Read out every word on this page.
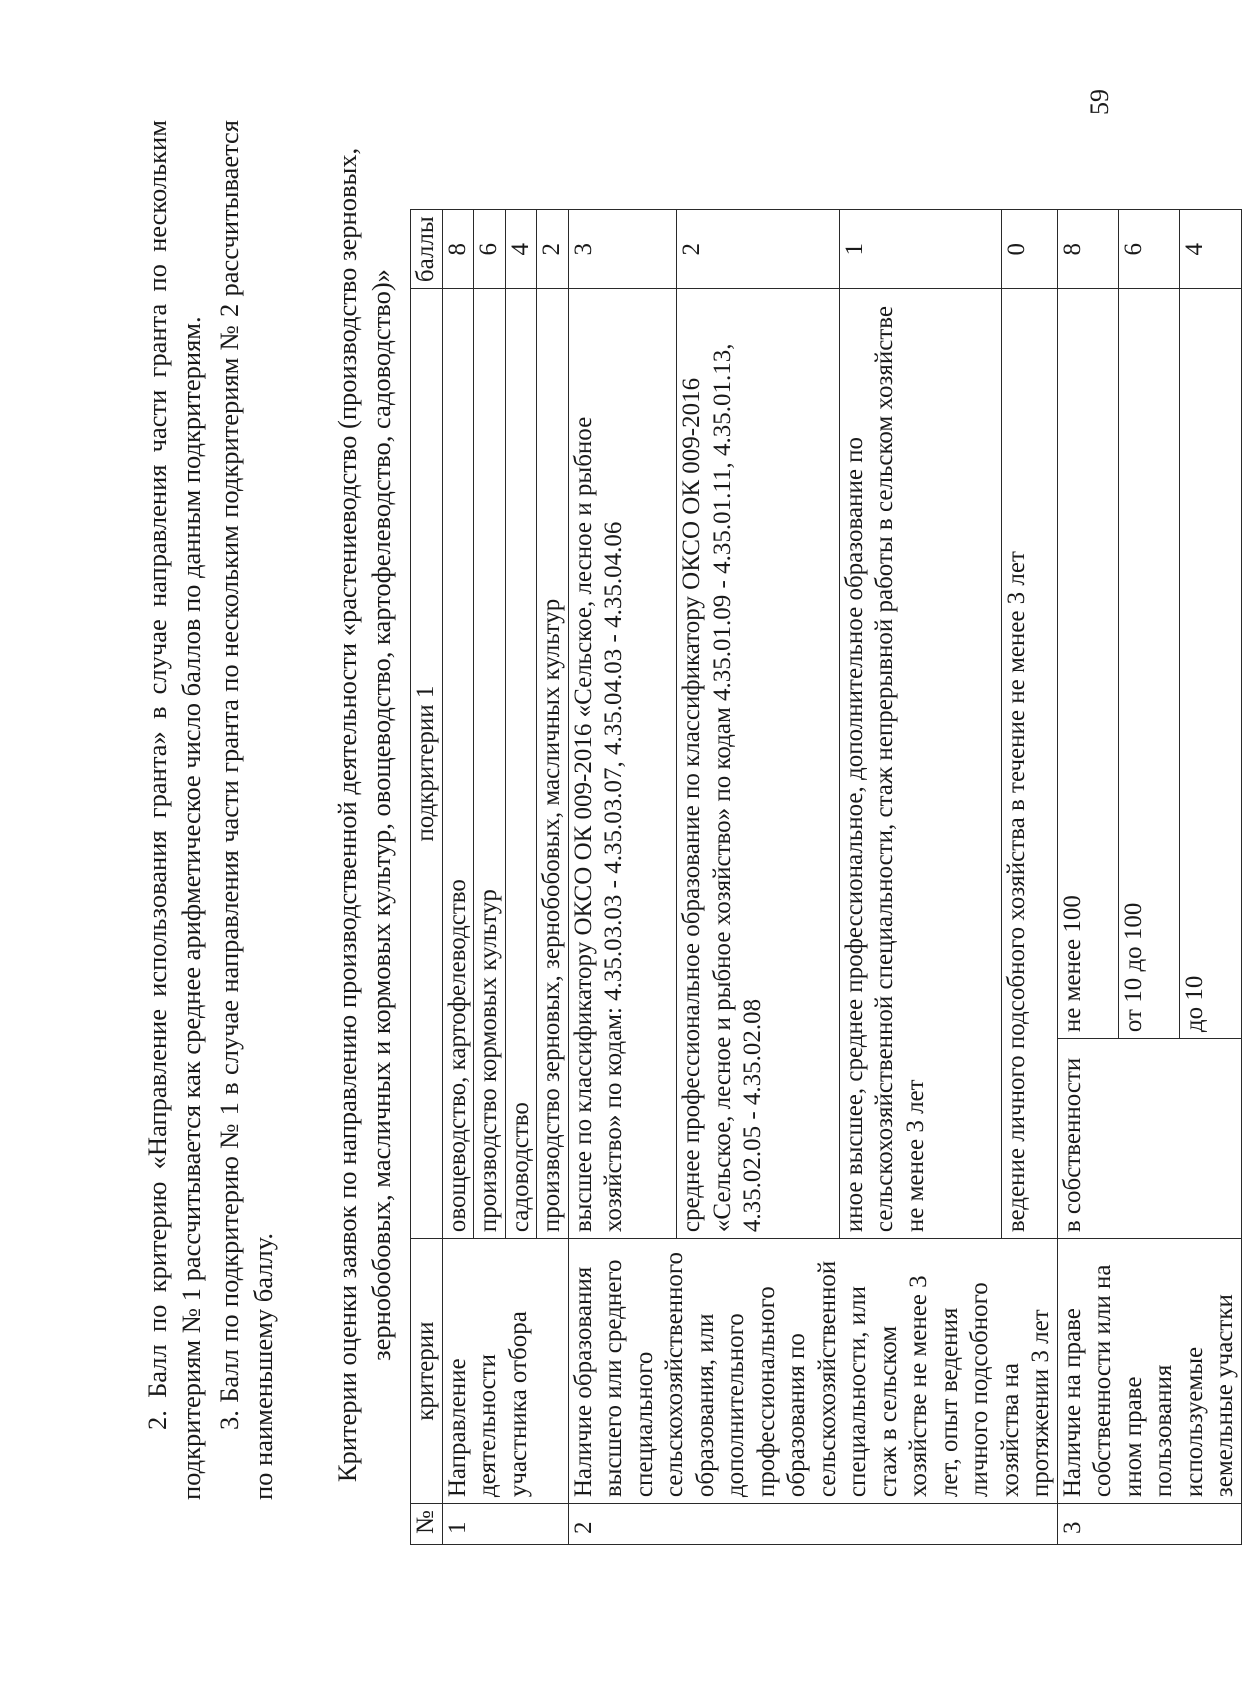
2. Балл по критерию «Направление использования гранта» в случае направления части гранта по нескольким подкритериям № 1 рассчитывается как среднее арифметическое число баллов по данным подкритериям. 3. Балл по подкритерию № 1 в случае направления части гранта по нескольким подкритериям № 2 рассчитывается по наименьшему баллу. Критерии оценки заявок по направлению производственной деятельности «растениеводство (производство зерновых, зернобобовых, масличных и кормовых культур, овощеводство, картофелеводство, садоводство)»

№	критерии	подкритерии 1		баллы
1	Направление деятельности участника отбора	овощеводство, картофелеводство		8
		производство кормовых культур		6
		садоводство		4
		производство зерновых, зернобобовых, масличных культур		2
2	Наличие образования высшего или среднего специального сельскохозяйственного образования, или дополнительного профессионального образования по сельскохозяйственной специальности, или стаж в сельском хозяйстве не менее 3 лет, опыт ведения личного подсобного хозяйства на протяжении 3 лет	высшее по классификатору ОКСО ОК 009-2016 «Сельское, лесное и рыбное хозяйство» по кодам: 4.35.03.03 - 4.35.03.07, 4.35.04.03 - 4.35.04.06		3
		среднее профессиональное образование по классификатору ОКСО ОК 009-2016 «Сельское, лесное и рыбное хозяйство» по кодам 4.35.01.09 - 4.35.01.11, 4.35.01.13, 4.35.02.05 - 4.35.02.08		2
		иное высшее, среднее профессиональное, дополнительное образование по сельскохозяйственной специальности, стаж непрерывной работы в сельском хозяйстве не менее 3 лет		1
		ведение личного подсобного хозяйства в течение не менее 3 лет		0
3	Наличие на праве собственности или на ином праве пользования используемые земельные участки	в собственности	не менее 100	8
			от 10 до 100	6
			до 10	4
59
